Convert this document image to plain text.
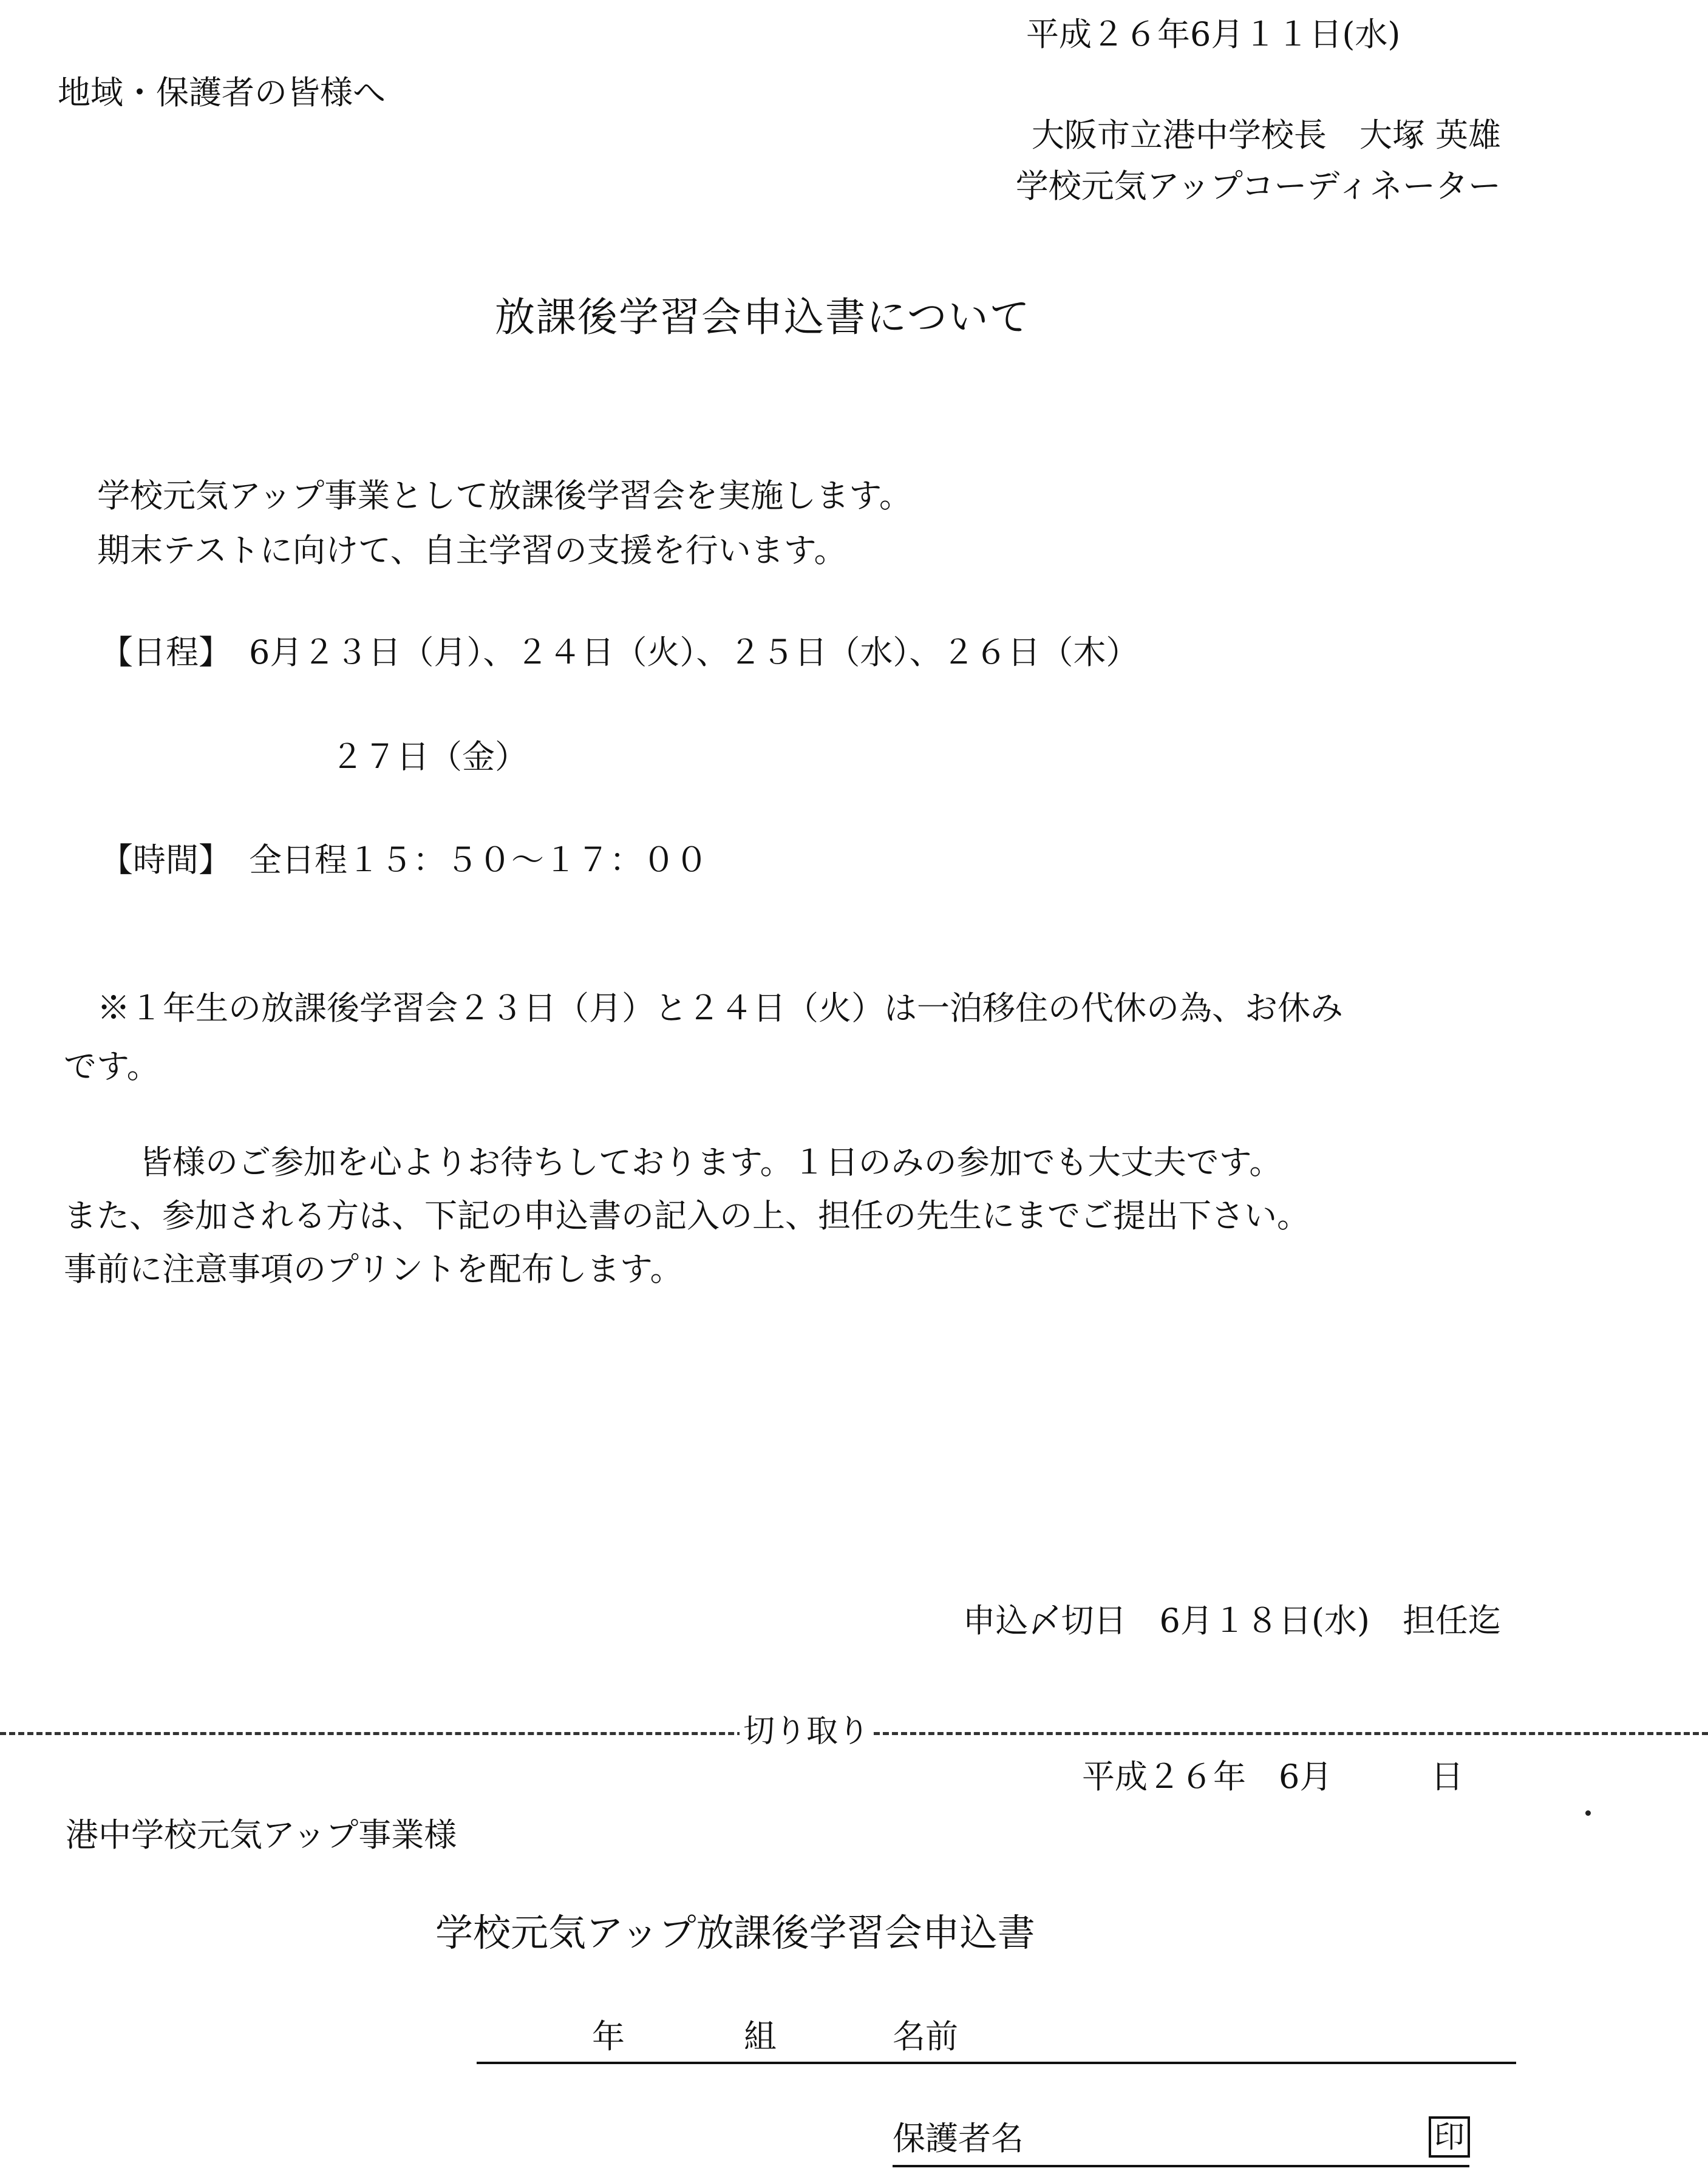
平成２６年6月１１日(水)
地域・保護者の皆様へ
大阪市立港中学校長　大塚 英雄
学校元気アップコーディネーター
放課後学習会申込書について
学校元気アップ事業として放課後学習会を実施します。
期末テストに向けて、自主学習の支援を行います。
【日程】 6月２３日（月）、２４日（火）、２５日（水）、２６日（木）
２７日（金）
【時間】 全日程１５：５０～１７：００
※１年生の放課後学習会２３日（月）と２４日（火）は一泊移住の代休の為、お休み
です。
皆様のご参加を心よりお待ちしております。１日のみの参加でも大丈夫です。
また、参加される方は、下記の申込書の記入の上、担任の先生にまでご提出下さい。
事前に注意事項のプリントを配布します。
申込〆切日　6月１８日(水)　担任迄
切り取り
平成２６年　6月　　　日
港中学校元気アップ事業様
学校元気アップ放課後学習会申込書
年	組	名前
保護者名	印
